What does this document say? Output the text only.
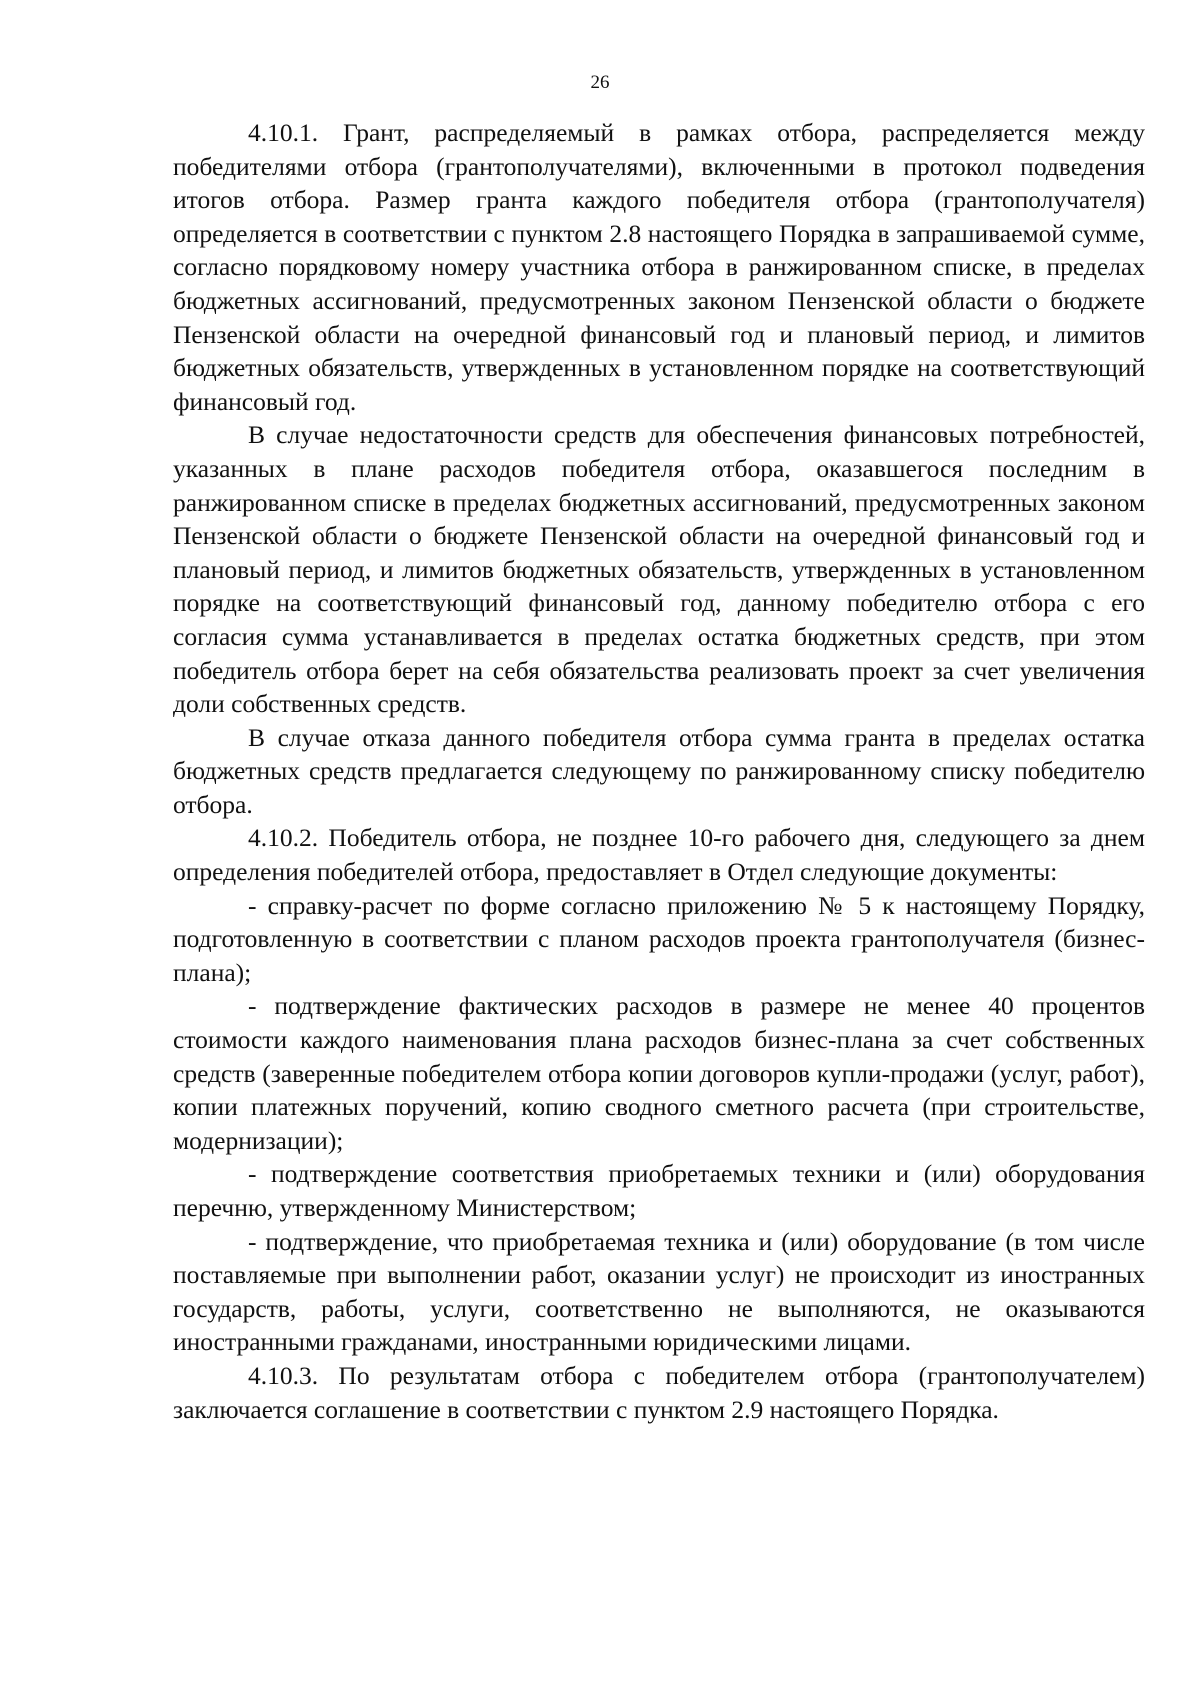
26

4.10.1. Грант, распределяемый в рамках отбора, распределяется между победителями отбора (грантополучателями), включенными в протокол подведения итогов отбора. Размер гранта каждого победителя отбора (грантополучателя) определяется в соответствии с пунктом 2.8 настоящего Порядка в запрашиваемой сумме, согласно порядковому номеру участника отбора в ранжированном списке, в пределах бюджетных ассигнований, предусмотренных законом Пензенской области о бюджете Пензенской области на очередной финансовый год и плановый период, и лимитов бюджетных обязательств, утвержденных в установленном порядке на соответствующий финансовый год.

В случае недостаточности средств для обеспечения финансовых потребностей, указанных в плане расходов победителя отбора, оказавшегося последним в ранжированном списке в пределах бюджетных ассигнований, предусмотренных законом Пензенской области о бюджете Пензенской области на очередной финансовый год и плановый период, и лимитов бюджетных обязательств, утвержденных в установленном порядке на соответствующий финансовый год, данному победителю отбора с его согласия сумма устанавливается в пределах остатка бюджетных средств, при этом победитель отбора берет на себя обязательства реализовать проект за счет увеличения доли собственных средств.

В случае отказа данного победителя отбора сумма гранта в пределах остатка бюджетных средств предлагается следующему по ранжированному списку победителю отбора.

4.10.2. Победитель отбора, не позднее 10-го рабочего дня, следующего за днем определения победителей отбора, предоставляет в Отдел следующие документы:

- справку-расчет по форме согласно приложению № 5 к настоящему Порядку, подготовленную в соответствии с планом расходов проекта грантополучателя (бизнес-плана);

- подтверждение фактических расходов в размере не менее 40 процентов стоимости каждого наименования плана расходов бизнес-плана за счет собственных средств (заверенные победителем отбора копии договоров купли-продажи (услуг, работ), копии платежных поручений, копию сводного сметного расчета (при строительстве, модернизации);

- подтверждение соответствия приобретаемых техники и (или) оборудования перечню, утвержденному Министерством;

- подтверждение, что приобретаемая техника и (или) оборудование (в том числе поставляемые при выполнении работ, оказании услуг) не происходит из иностранных государств, работы, услуги, соответственно не выполняются, не оказываются иностранными гражданами, иностранными юридическими лицами.

4.10.3. По результатам отбора с победителем отбора (грантополучателем) заключается соглашение в соответствии с пунктом 2.9 настоящего Порядка.
